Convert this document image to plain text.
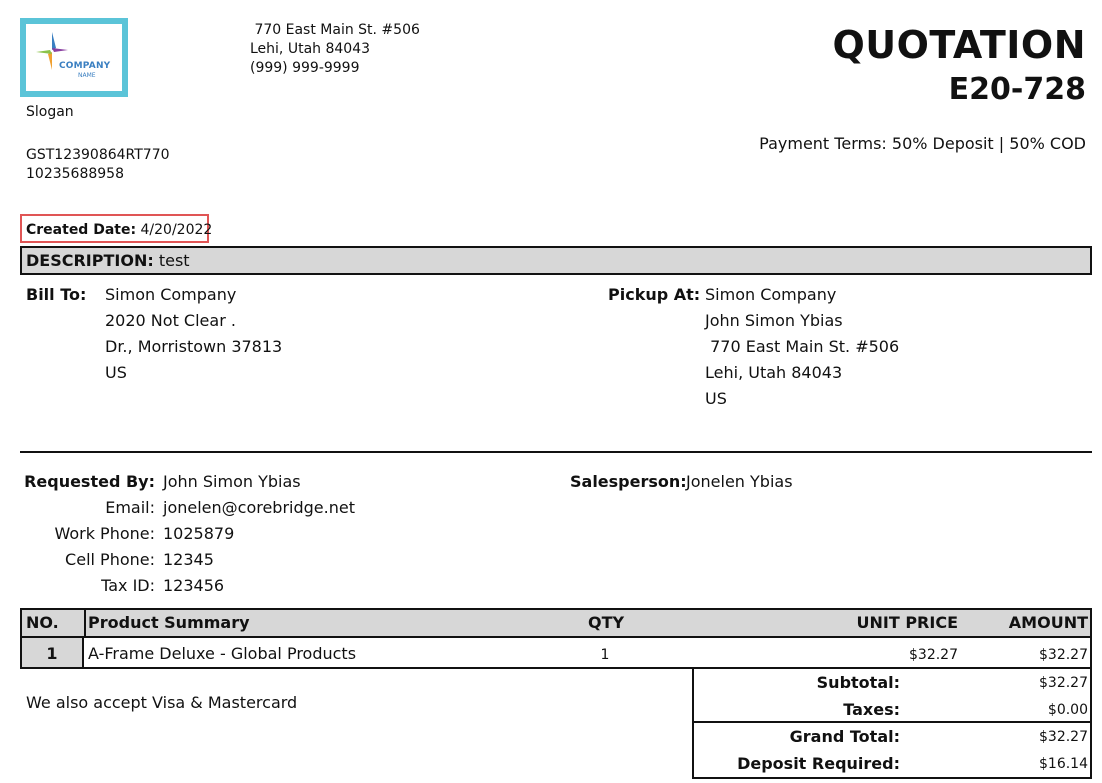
COMPANY
NAME
Slogan
GST12390864RT770
10235688958
770 East Main St. #506
Lehi, Utah 84043
(999) 999-9999
QUOTATION
E20-728
Payment Terms: 50% Deposit | 50% COD
Created Date: 4/20/2022
DESCRIPTION: test
Bill To: Simon Company
2020 Not Clear .
Dr., Morristown 37813
US
Pickup At: Simon Company
John Simon Ybias
770 East Main St. #506
Lehi, Utah 84043
US
Requested By: John Simon Ybias
Email: jonelen@corebridge.net
Work Phone: 1025879
Cell Phone: 12345
Tax ID: 123456
Salesperson: Jonelen Ybias
NO. Product Summary	QTY	UNIT PRICE	AMOUNT
1	A-Frame Deluxe - Global Products	1	$32.27	$32.27
We also accept Visa & Mastercard
Subtotal:	$32.27
Taxes:	$0.00
Grand Total:	$32.27
Deposit Required:	$16.14
